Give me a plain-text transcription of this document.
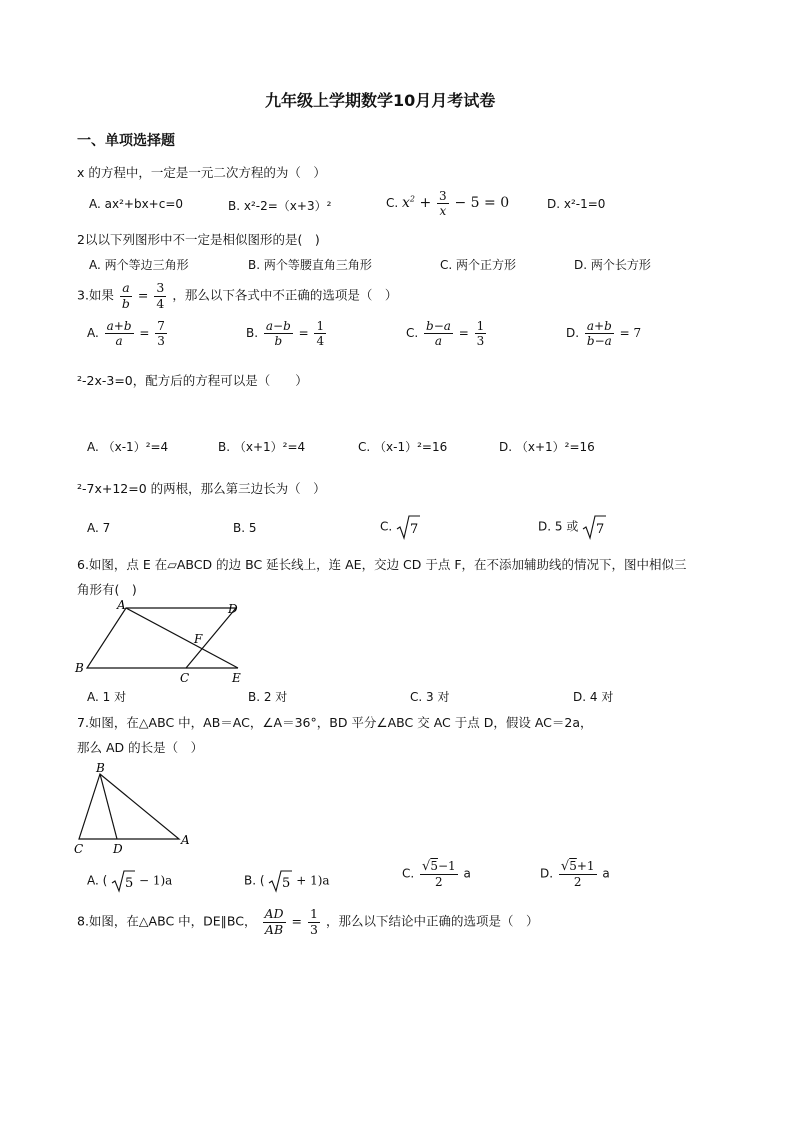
九年级上学期数学10月月考试卷
一、单项选择题
x 的方程中，一定是一元二次方程的为（　）
A. ax²+bx+c=0	B. x²-2=（x+3）²	C. $x^2 + \frac{3}{x} - 5 = 0$	D. x²-1=0
2以以下列图形中不一定是相似图形的是(　)
A. 两个等边三角形	B. 两个等腰直角三角形	C. 两个正方形	D. 两个长方形
3.如果 $\frac{a}{b} = \frac{3}{4}$ ，那么以下各式中不正确的选项是（　）
A. $\frac{a+b}{a} = \frac{7}{3}$	B. $\frac{a-b}{b} = \frac{1}{4}$	C. $\frac{b-a}{a} = \frac{1}{3}$	D. $\frac{a+b}{b-a} = 7$
²-2x-3=0，配方后的方程可以是（　　）
A. （x-1）²=4	B. （x+1）²=4	C. （x-1）²=16	D. （x+1）²=16
²-7x+12=0 的两根，那么第三边长为（　）
A. 7	B. 5	C. 7	D. 5 或 7
6.如图，点 E 在▱ABCD 的边 BC 延长线上，连 AE，交边 CD 于点 F，在不添加辅助线的情况下，图中相似三
角形有(　)
A	D
B
C	E
F
A. 1 对	B. 2 对	C. 3 对	D. 4 对
7.如图，在△ABC 中，AB＝AC，∠A＝36°，BD 平分∠ABC 交 AC 于点 D，假设 AC＝2a，
那么 AD 的长是（　）
B
C D
A
A. ( 5 − 1)a	B. ( 5 + 1)a	C. $\frac{√5-1}{2}$ a	D. $\frac{√5+1}{2}$ a
8.如图，在△ABC 中，DE∥BC， $\frac{AD}{AB} = \frac{1}{3}$ ，那么以下结论中正确的选项是（　）
